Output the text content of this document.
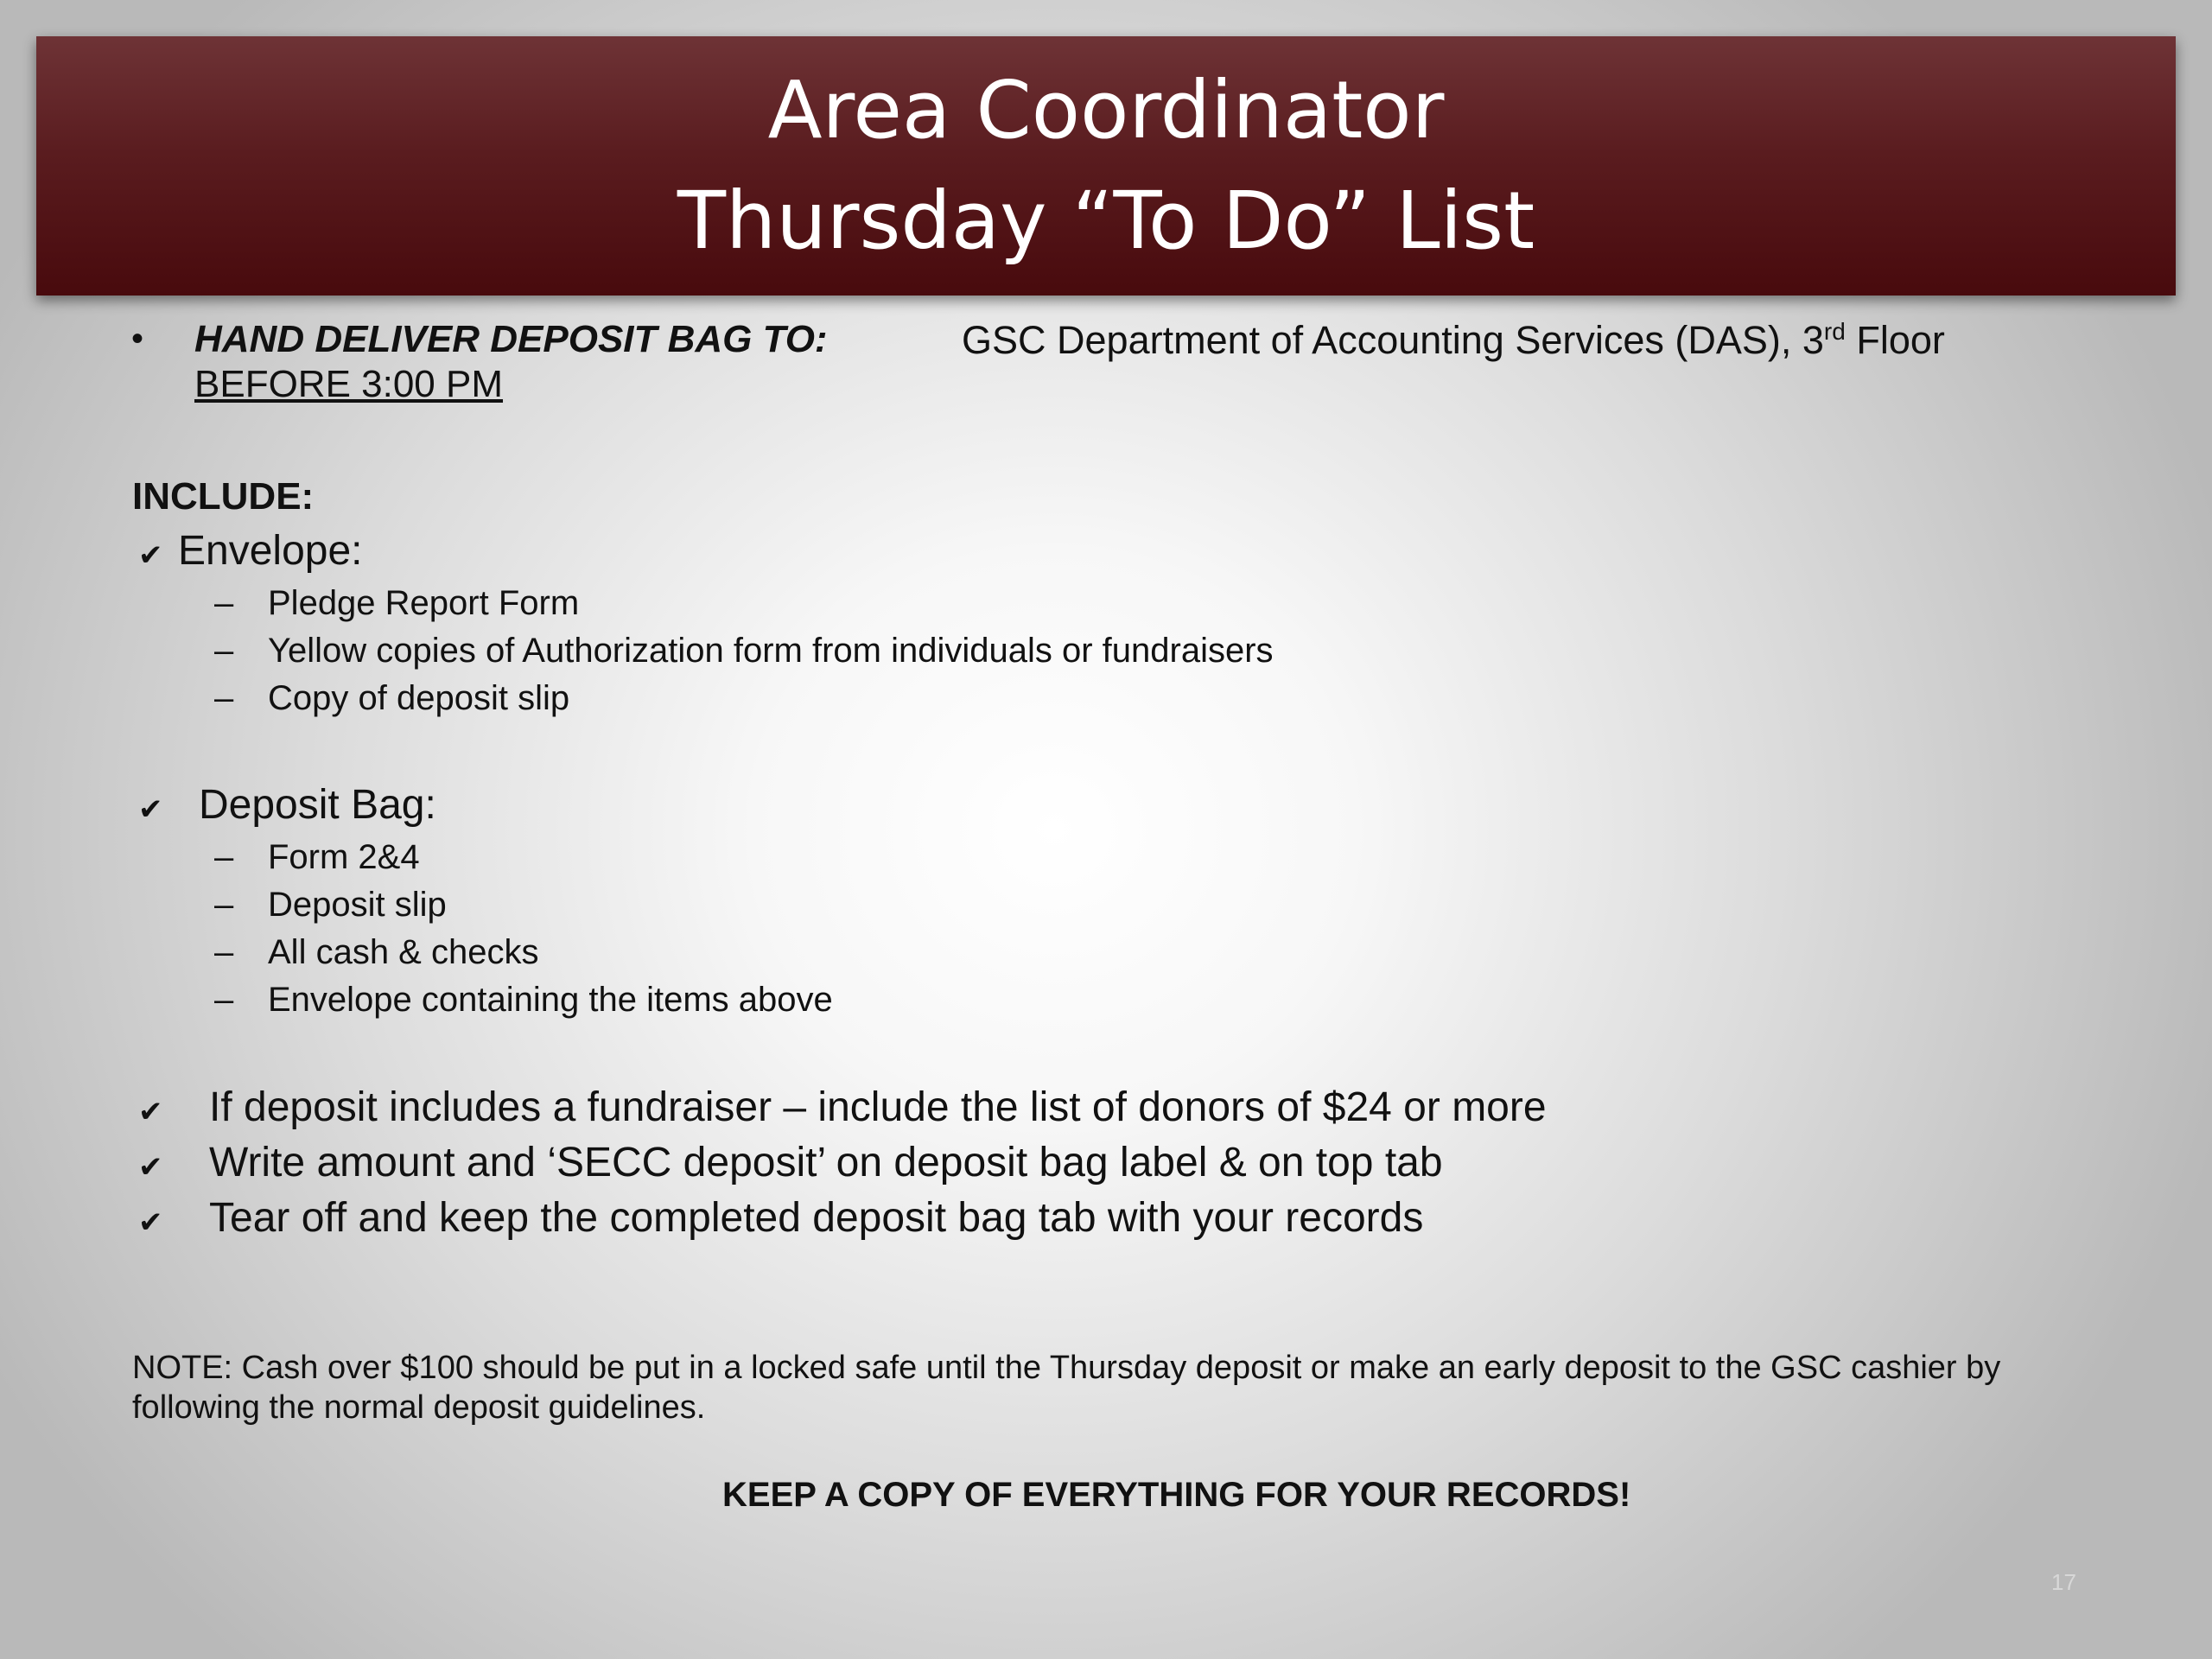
Area Coordinator
Thursday “To Do” List
• HAND DELIVER DEPOSIT BAG TO:	GSC Department of Accounting Services (DAS), 3rd Floor
BEFORE 3:00 PM
INCLUDE:
✔ Envelope:
– Pledge Report Form
– Yellow copies of Authorization form from individuals or fundraisers
– Copy of deposit slip
✔ Deposit Bag:
– Form 2&4
– Deposit slip
– All cash & checks
– Envelope containing the items above
✔ If deposit includes a fundraiser – include the list of donors of $24 or more
✔ Write amount and ‘SECC deposit’ on deposit bag label & on top tab
✔ Tear off and keep the completed deposit bag tab with your records
NOTE: Cash over $100 should be put in a locked safe until the Thursday deposit or make an early deposit to the GSC cashier by following the normal deposit guidelines.
KEEP A COPY OF EVERYTHING FOR YOUR RECORDS!
17
